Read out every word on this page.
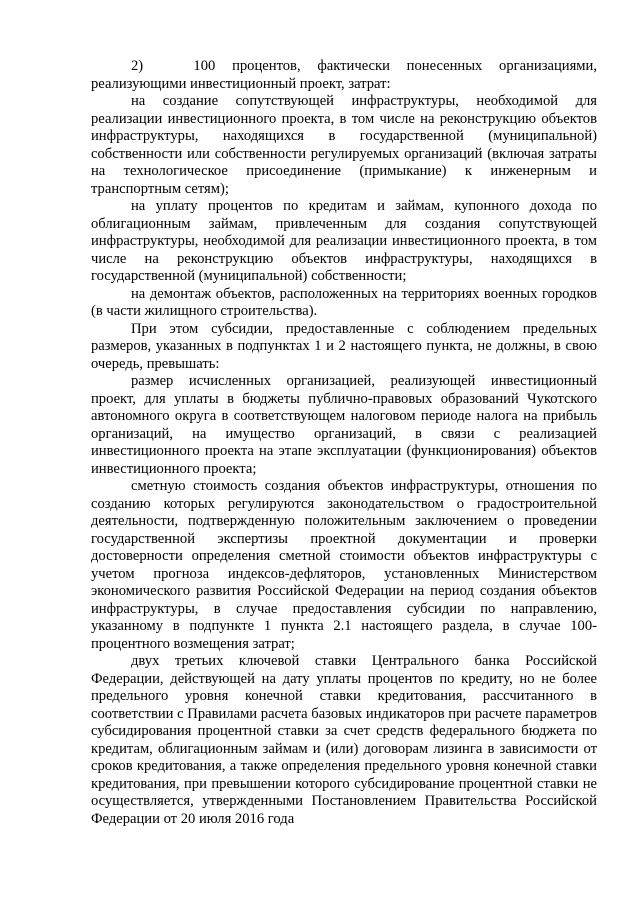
2)   100 процентов, фактически понесенных организациями, реализующими инвестиционный проект, затрат:

на создание сопутствующей инфраструктуры, необходимой для реализации инвестиционного проекта, в том числе на реконструкцию объектов инфраструктуры, находящихся в государственной (муниципальной) собственности или собственности регулируемых организаций (включая затраты на технологическое присоединение (примыкание) к инженерным и транспортным сетям);

на уплату процентов по кредитам и займам, купонного дохода по облигационным займам, привлеченным для создания сопутствующей инфраструктуры, необходимой для реализации инвестиционного проекта, в том числе на реконструкцию объектов инфраструктуры, находящихся в государственной (муниципальной) собственности;

на демонтаж объектов, расположенных на территориях военных городков (в части жилищного строительства).

При этом субсидии, предоставленные с соблюдением предельных размеров, указанных в подпунктах 1 и 2 настоящего пункта, не должны, в свою очередь, превышать:

размер исчисленных организацией, реализующей инвестиционный проект, для уплаты в бюджеты публично-правовых образований Чукотского автономного округа в соответствующем налоговом периоде налога на прибыль организаций, на имущество организаций, в связи с реализацией инвестиционного проекта на этапе эксплуатации (функционирования) объектов инвестиционного проекта;

сметную стоимость создания объектов инфраструктуры, отношения по созданию которых регулируются законодательством о градостроительной деятельности, подтвержденную положительным заключением о проведении государственной экспертизы проектной документации и проверки достоверности определения сметной стоимости объектов инфраструктуры с учетом прогноза индексов-дефляторов, установленных Министерством экономического развития Российской Федерации на период создания объектов инфраструктуры, в случае предоставления субсидии по направлению, указанному в подпункте 1 пункта 2.1 настоящего раздела, в случае 100-процентного возмещения затрат;

двух третьих ключевой ставки Центрального банка Российской Федерации, действующей на дату уплаты процентов по кредиту, но не более предельного уровня конечной ставки кредитования, рассчитанного в соответствии с Правилами расчета базовых индикаторов при расчете параметров субсидирования процентной ставки за счет средств федерального бюджета по кредитам, облигационным займам и (или) договорам лизинга в зависимости от сроков кредитования, а также определения предельного уровня конечной ставки кредитования, при превышении которого субсидирование процентной ставки не осуществляется, утвержденными Постановлением Правительства Российской Федерации от 20 июля 2016 года
